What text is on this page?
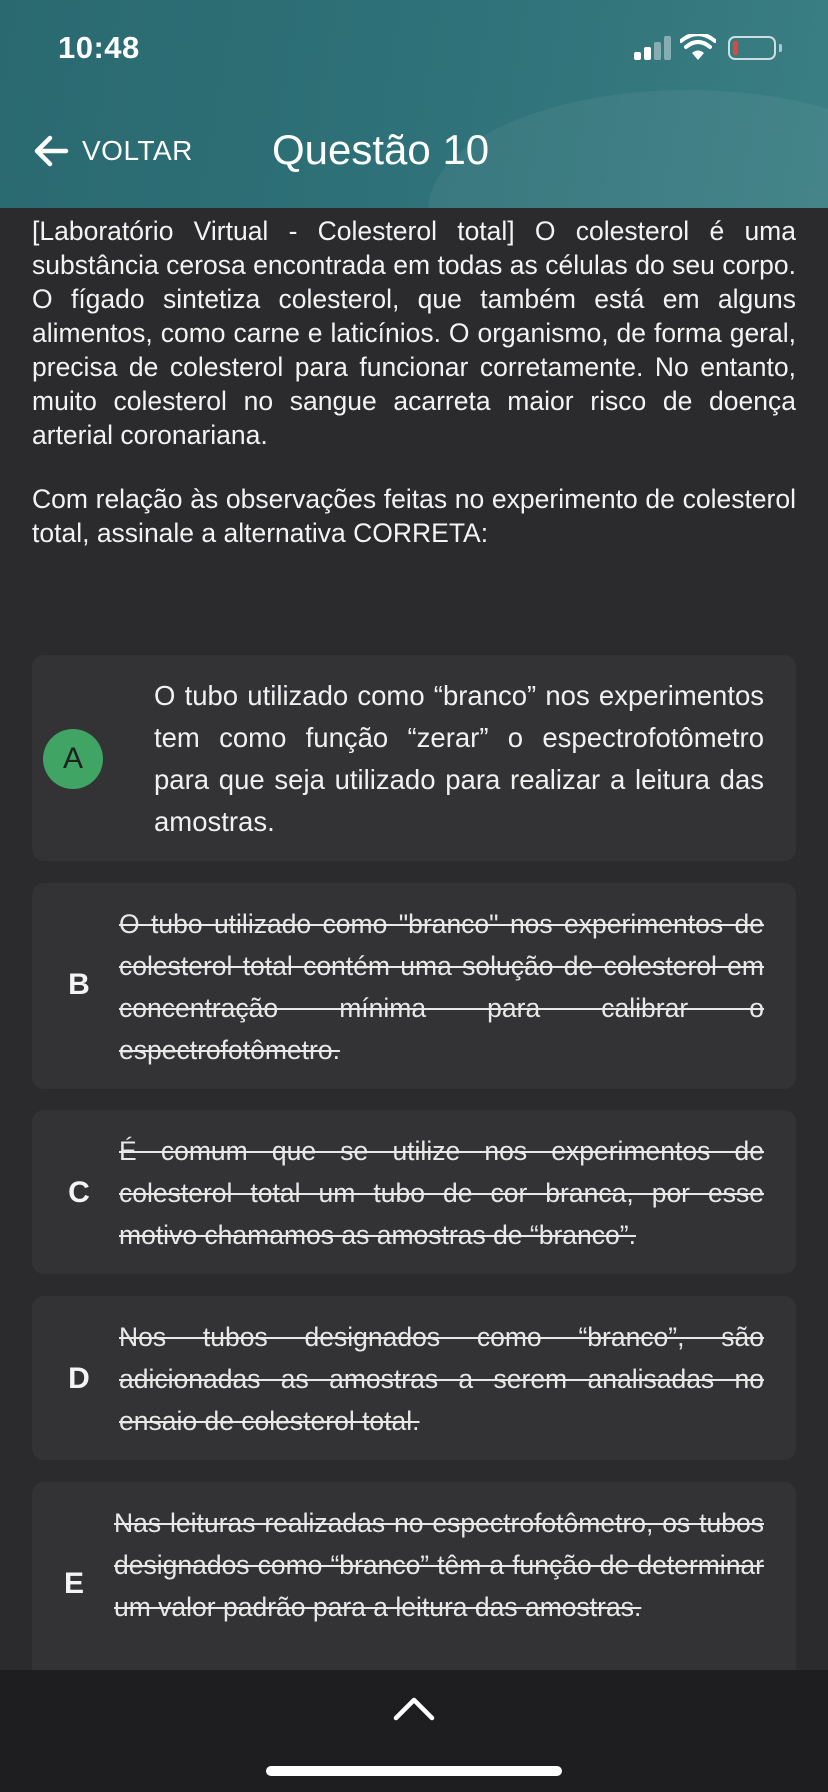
10:48
VOLTAR Questão 10

[Laboratório Virtual - Colesterol total] O colesterol é uma substância cerosa encontrada em todas as células do seu corpo. O fígado sintetiza colesterol, que também está em alguns alimentos, como carne e laticínios. O organismo, de forma geral, precisa de colesterol para funcionar corretamente. No entanto, muito colesterol no sangue acarreta maior risco de doença arterial coronariana.

Com relação às observações feitas no experimento de colesterol total, assinale a alternativa CORRETA:

A
O tubo utilizado como “branco” nos experimentos tem como função “zerar” o espectrofotômetro para que seja utilizado para realizar a leitura das amostras.
B
O tubo utilizado como "branco" nos experimentos de colesterol total contém uma solução de colesterol em concentração mínima para calibrar o espectrofotômetro.
C
É comum que se utilize nos experimentos de colesterol total um tubo de cor branca, por esse motivo chamamos as amostras de “branco”.
D
Nos tubos designados como “branco”, são adicionadas as amostras a serem analisadas no ensaio de colesterol total.
E
Nas leituras realizadas no espectrofotômetro, os tubos designados como “branco” têm a função de determinar um valor padrão para a leitura das amostras.
